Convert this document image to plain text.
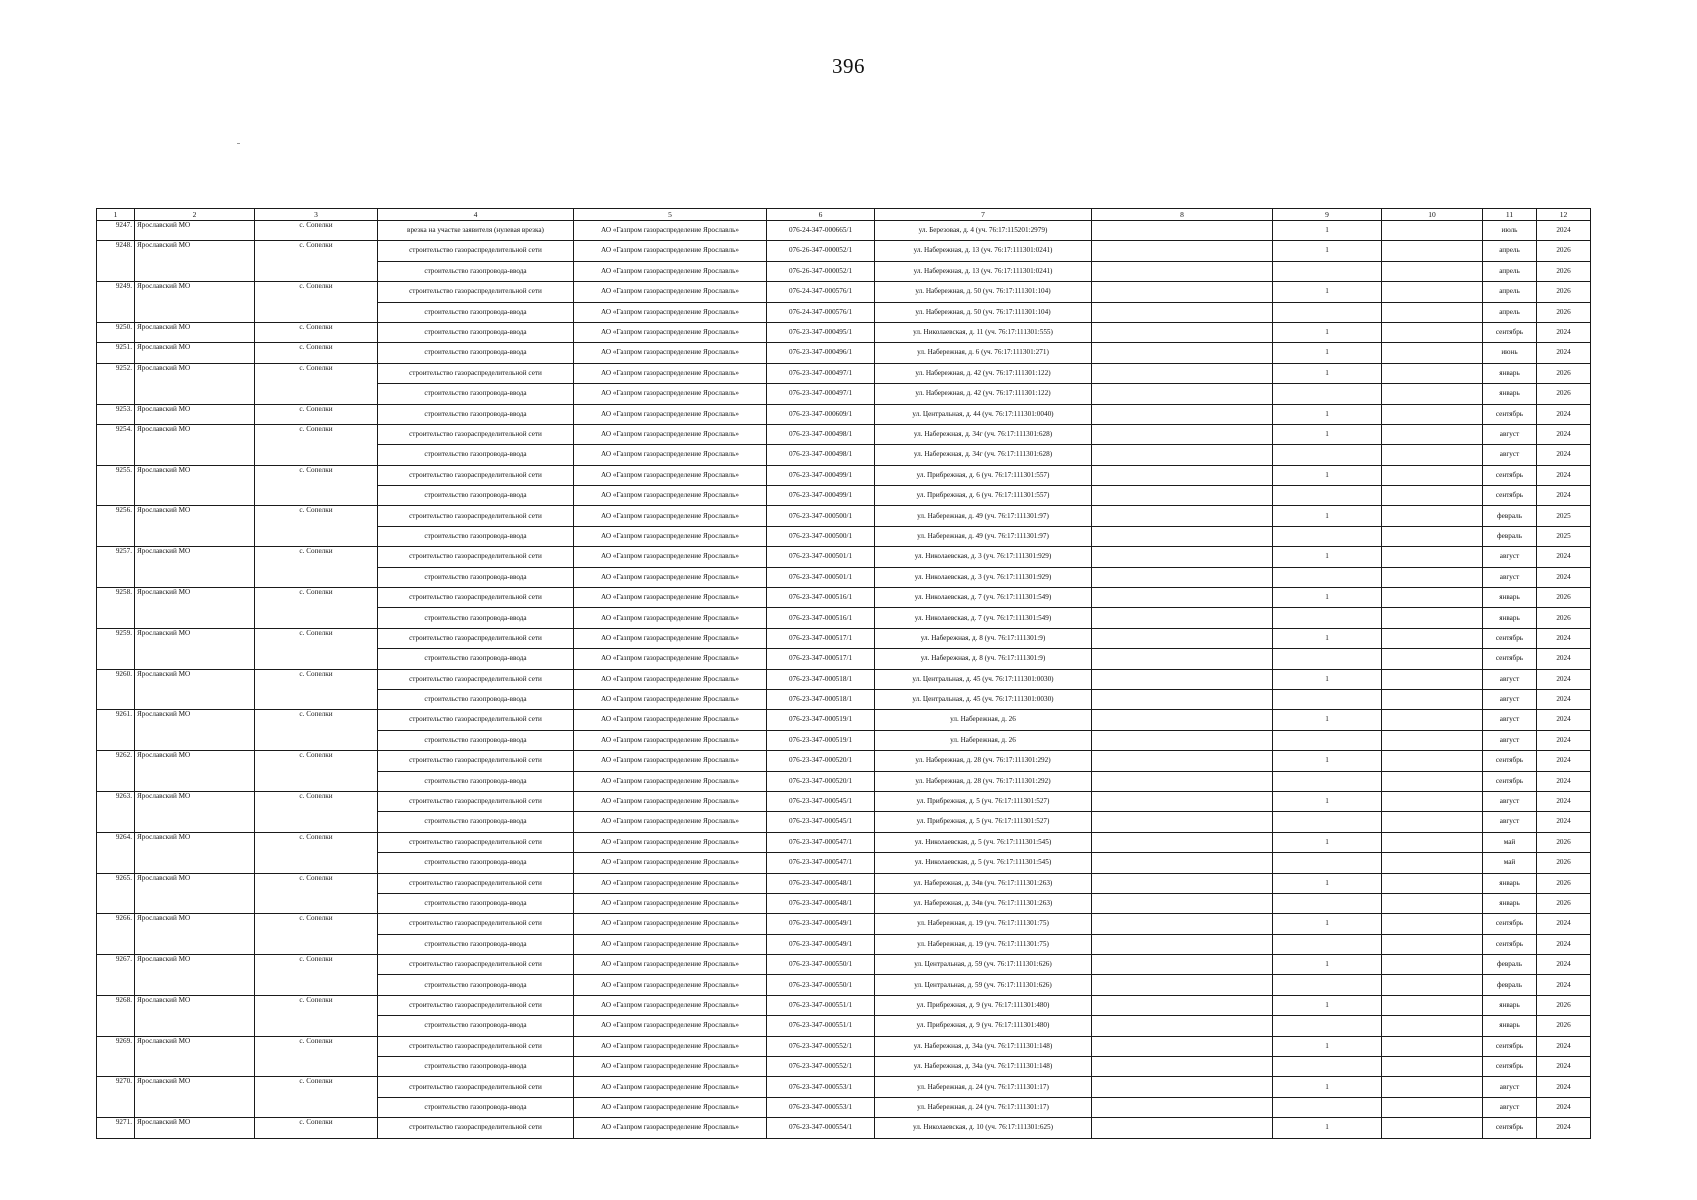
396
1	2	3	4	5	6	7	8	9	10	11	12
9247.	Ярославский МО	с. Сопелки	врезка на участке заявителя (нулевая врезка)	АО «Газпром газораспределение Ярославль»	076-24-347-000665/1	ул. Березовая, д. 4 (уч. 76:17:115201:2979)		1		июль	2024
9248.	Ярославский МО	с. Сопелки	строительство газораспределительной сети	АО «Газпром газораспределение Ярославль»	076-26-347-000052/1	ул. Набережная, д. 13 (уч. 76:17:111301:0241)		1		апрель	2026
			строительство газопровода-ввода	АО «Газпром газораспределение Ярославль»	076-26-347-000052/1	ул. Набережная, д. 13 (уч. 76:17:111301:0241)				апрель	2026
9249.	Ярославский МО	с. Сопелки	строительство газораспределительной сети	АО «Газпром газораспределение Ярославль»	076-24-347-000576/1	ул. Набережная, д. 50 (уч. 76:17:111301:104)		1		апрель	2026
			строительство газопровода-ввода	АО «Газпром газораспределение Ярославль»	076-24-347-000576/1	ул. Набережная, д. 50 (уч. 76:17:111301:104)				апрель	2026
9250.	Ярославский МО	с. Сопелки	строительство газопровода-ввода	АО «Газпром газораспределение Ярославль»	076-23-347-000495/1	ул. Николаевская, д. 11 (уч. 76:17:111301:555)		1		сентябрь	2024
9251.	Ярославский МО	с. Сопелки	строительство газопровода-ввода	АО «Газпром газораспределение Ярославль»	076-23-347-000496/1	ул. Набережная, д. 6 (уч. 76:17:111301:271)		1		июнь	2024
9252.	Ярославский МО	с. Сопелки	строительство газораспределительной сети	АО «Газпром газораспределение Ярославль»	076-23-347-000497/1	ул. Набережная, д. 42 (уч. 76:17:111301:122)		1		январь	2026
			строительство газопровода-ввода	АО «Газпром газораспределение Ярославль»	076-23-347-000497/1	ул. Набережная, д. 42 (уч. 76:17:111301:122)				январь	2026
9253.	Ярославский МО	с. Сопелки	строительство газопровода-ввода	АО «Газпром газораспределение Ярославль»	076-23-347-000609/1	ул. Центральная, д. 44 (уч. 76:17:111301:0040)		1		сентябрь	2024
9254.	Ярославский МО	с. Сопелки	строительство газораспределительной сети	АО «Газпром газораспределение Ярославль»	076-23-347-000498/1	ул. Набережная, д. 34г (уч. 76:17:111301:628)		1		август	2024
			строительство газопровода-ввода	АО «Газпром газораспределение Ярославль»	076-23-347-000498/1	ул. Набережная, д. 34г (уч. 76:17:111301:628)				август	2024
9255.	Ярославский МО	с. Сопелки	строительство газораспределительной сети	АО «Газпром газораспределение Ярославль»	076-23-347-000499/1	ул. Прибрежная, д. 6 (уч. 76:17:111301:557)		1		сентябрь	2024
			строительство газопровода-ввода	АО «Газпром газораспределение Ярославль»	076-23-347-000499/1	ул. Прибрежная, д. 6 (уч. 76:17:111301:557)				сентябрь	2024
9256.	Ярославский МО	с. Сопелки	строительство газораспределительной сети	АО «Газпром газораспределение Ярославль»	076-23-347-000500/1	ул. Набережная, д. 49 (уч. 76:17:111301:97)		1		февраль	2025
			строительство газопровода-ввода	АО «Газпром газораспределение Ярославль»	076-23-347-000500/1	ул. Набережная, д. 49 (уч. 76:17:111301:97)				февраль	2025
9257.	Ярославский МО	с. Сопелки	строительство газораспределительной сети	АО «Газпром газораспределение Ярославль»	076-23-347-000501/1	ул. Николаевская, д. 3 (уч. 76:17:111301:929)		1		август	2024
			строительство газопровода-ввода	АО «Газпром газораспределение Ярославль»	076-23-347-000501/1	ул. Николаевская, д. 3 (уч. 76:17:111301:929)				август	2024
9258.	Ярославский МО	с. Сопелки	строительство газораспределительной сети	АО «Газпром газораспределение Ярославль»	076-23-347-000516/1	ул. Николаевская, д. 7 (уч. 76:17:111301:549)		1		январь	2026
			строительство газопровода-ввода	АО «Газпром газораспределение Ярославль»	076-23-347-000516/1	ул. Николаевская, д. 7 (уч. 76:17:111301:549)				январь	2026
9259.	Ярославский МО	с. Сопелки	строительство газораспределительной сети	АО «Газпром газораспределение Ярославль»	076-23-347-000517/1	ул. Набережная, д. 8 (уч. 76:17:111301:9)		1		сентябрь	2024
			строительство газопровода-ввода	АО «Газпром газораспределение Ярославль»	076-23-347-000517/1	ул. Набережная, д. 8 (уч. 76:17:111301:9)				сентябрь	2024
9260.	Ярославский МО	с. Сопелки	строительство газораспределительной сети	АО «Газпром газораспределение Ярославль»	076-23-347-000518/1	ул. Центральная, д. 45 (уч. 76:17:111301:0030)		1		август	2024
			строительство газопровода-ввода	АО «Газпром газораспределение Ярославль»	076-23-347-000518/1	ул. Центральная, д. 45 (уч. 76:17:111301:0030)				август	2024
9261.	Ярославский МО	с. Сопелки	строительство газораспределительной сети	АО «Газпром газораспределение Ярославль»	076-23-347-000519/1	ул. Набережная, д. 26		1		август	2024
			строительство газопровода-ввода	АО «Газпром газораспределение Ярославль»	076-23-347-000519/1	ул. Набережная, д. 26				август	2024
9262.	Ярославский МО	с. Сопелки	строительство газораспределительной сети	АО «Газпром газораспределение Ярославль»	076-23-347-000520/1	ул. Набережная, д. 28 (уч. 76:17:111301:292)		1		сентябрь	2024
			строительство газопровода-ввода	АО «Газпром газораспределение Ярославль»	076-23-347-000520/1	ул. Набережная, д. 28 (уч. 76:17:111301:292)				сентябрь	2024
9263.	Ярославский МО	с. Сопелки	строительство газораспределительной сети	АО «Газпром газораспределение Ярославль»	076-23-347-000545/1	ул. Прибрежная, д. 5 (уч. 76:17:111301:527)		1		август	2024
			строительство газопровода-ввода	АО «Газпром газораспределение Ярославль»	076-23-347-000545/1	ул. Прибрежная, д. 5 (уч. 76:17:111301:527)				август	2024
9264.	Ярославский МО	с. Сопелки	строительство газораспределительной сети	АО «Газпром газораспределение Ярославль»	076-23-347-000547/1	ул. Николаевская, д. 5 (уч. 76:17:111301:545)		1		май	2026
			строительство газопровода-ввода	АО «Газпром газораспределение Ярославль»	076-23-347-000547/1	ул. Николаевская, д. 5 (уч. 76:17:111301:545)				май	2026
9265.	Ярославский МО	с. Сопелки	строительство газораспределительной сети	АО «Газпром газораспределение Ярославль»	076-23-347-000548/1	ул. Набережная, д. 34в (уч. 76:17:111301:263)		1		январь	2026
			строительство газопровода-ввода	АО «Газпром газораспределение Ярославль»	076-23-347-000548/1	ул. Набережная, д. 34в (уч. 76:17:111301:263)				январь	2026
9266.	Ярославский МО	с. Сопелки	строительство газораспределительной сети	АО «Газпром газораспределение Ярославль»	076-23-347-000549/1	ул. Набережная, д. 19 (уч. 76:17:111301:75)		1		сентябрь	2024
			строительство газопровода-ввода	АО «Газпром газораспределение Ярославль»	076-23-347-000549/1	ул. Набережная, д. 19 (уч. 76:17:111301:75)				сентябрь	2024
9267.	Ярославский МО	с. Сопелки	строительство газораспределительной сети	АО «Газпром газораспределение Ярославль»	076-23-347-000550/1	ул. Центральная, д. 59 (уч. 76:17:111301:626)		1		февраль	2024
			строительство газопровода-ввода	АО «Газпром газораспределение Ярославль»	076-23-347-000550/1	ул. Центральная, д. 59 (уч. 76:17:111301:626)				февраль	2024
9268.	Ярославский МО	с. Сопелки	строительство газораспределительной сети	АО «Газпром газораспределение Ярославль»	076-23-347-000551/1	ул. Прибрежная, д. 9 (уч. 76:17:111301:480)		1		январь	2026
			строительство газопровода-ввода	АО «Газпром газораспределение Ярославль»	076-23-347-000551/1	ул. Прибрежная, д. 9 (уч. 76:17:111301:480)				январь	2026
9269.	Ярославский МО	с. Сопелки	строительство газораспределительной сети	АО «Газпром газораспределение Ярославль»	076-23-347-000552/1	ул. Набережная, д. 34а (уч. 76:17:111301:148)		1		сентябрь	2024
			строительство газопровода-ввода	АО «Газпром газораспределение Ярославль»	076-23-347-000552/1	ул. Набережная, д. 34а (уч. 76:17:111301:148)				сентябрь	2024
9270.	Ярославский МО	с. Сопелки	строительство газораспределительной сети	АО «Газпром газораспределение Ярославль»	076-23-347-000553/1	ул. Набережная, д. 24 (уч. 76:17:111301:17)		1		август	2024
			строительство газопровода-ввода	АО «Газпром газораспределение Ярославль»	076-23-347-000553/1	ул. Набережная, д. 24 (уч. 76:17:111301:17)				август	2024
9271.	Ярославский МО	с. Сопелки	строительство газораспределительной сети	АО «Газпром газораспределение Ярославль»	076-23-347-000554/1	ул. Николаевская, д. 10 (уч. 76:17:111301:625)		1		сентябрь	2024
